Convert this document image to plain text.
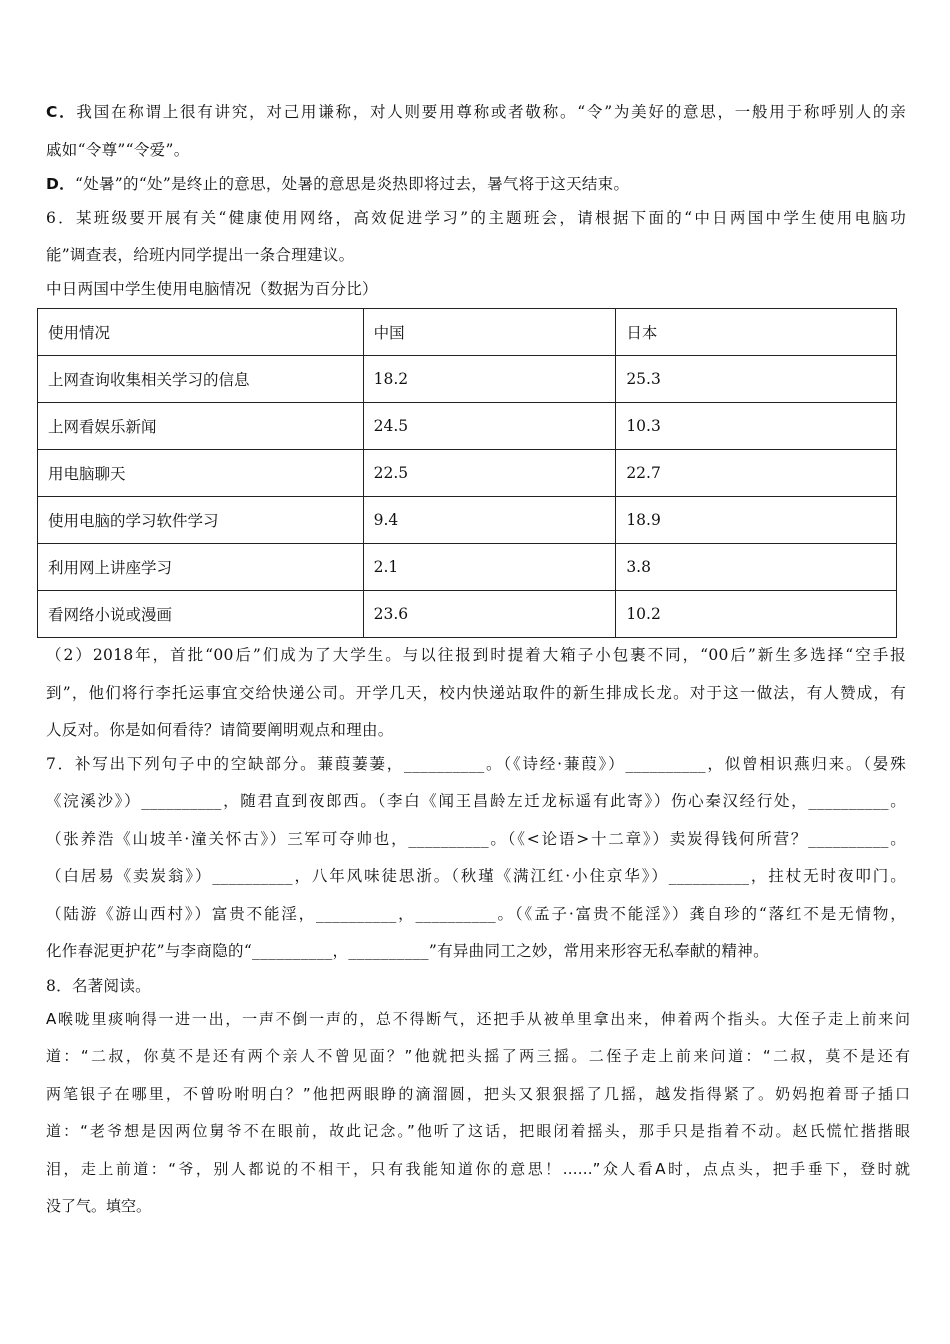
C．我国在称谓上很有讲究，对己用谦称，对人则要用尊称或者敬称。“令”为美好的意思，一般用于称呼别人的亲
戚如“令尊”“令爱”。
D．“处暑”的“处”是终止的意思，处暑的意思是炎热即将过去，暑气将于这天结束。
6．某班级要开展有关“健康使用网络，高效促进学习”的主题班会，请根据下面的“中日两国中学生使用电脑功
能”调查表，给班内同学提出一条合理建议。
中日两国中学生使用电脑情况（数据为百分比）
使用情况	中国	日本
上网查询收集相关学习的信息	18.2	25.3
上网看娱乐新闻	24.5	10.3
用电脑聊天	22.5	22.7
使用电脑的学习软件学习	9.4	18.9
利用网上讲座学习	2.1	3.8
看网络小说或漫画	23.6	10.2
（2）2018年，首批“00后”们成为了大学生。与以往报到时提着大箱子小包裹不同，“00后”新生多选择“空手报
到”，他们将行李托运事宜交给快递公司。开学几天，校内快递站取件的新生排成长龙。对于这一做法，有人赞成，有
人反对。你是如何看待？请简要阐明观点和理由。
7．补写出下列句子中的空缺部分。蒹葭萋萋，__________。（《诗经·蒹葭》）__________，似曾相识燕归来。（晏殊
《浣溪沙》）__________，随君直到夜郎西。（李白《闻王昌龄左迁龙标遥有此寄》）伤心秦汉经行处，__________。
（张养浩《山坡羊·潼关怀古》）三军可夺帅也，__________。（《<论语>十二章》）卖炭得钱何所营？__________。
（白居易《卖炭翁》）__________，八年风味徒思浙。（秋瑾《满江红·小住京华》）__________，拄杖无时夜叩门。
（陆游《游山西村》）富贵不能淫，__________，__________。（《孟子·富贵不能淫》）龚自珍的“落红不是无情物，
化作春泥更护花”与李商隐的“__________，__________”有异曲同工之妙，常用来形容无私奉献的精神。
8．名著阅读。
A喉咙里痰响得一进一出，一声不倒一声的，总不得断气，还把手从被单里拿出来，伸着两个指头。大侄子走上前来问
道：“二叔，你莫不是还有两个亲人不曾见面？”他就把头摇了两三摇。二侄子走上前来问道：“二叔，莫不是还有
两笔银子在哪里，不曾吩咐明白？”他把两眼睁的滴溜圆，把头又狠狠摇了几摇，越发指得紧了。奶妈抱着哥子插口
道：“老爷想是因两位舅爷不在眼前，故此记念。”他听了这话，把眼闭着摇头，那手只是指着不动。赵氏慌忙揩揩眼
泪，走上前道：“爷，别人都说的不相干，只有我能知道你的意思！……”众人看A时，点点头，把手垂下，登时就
没了气。填空。
